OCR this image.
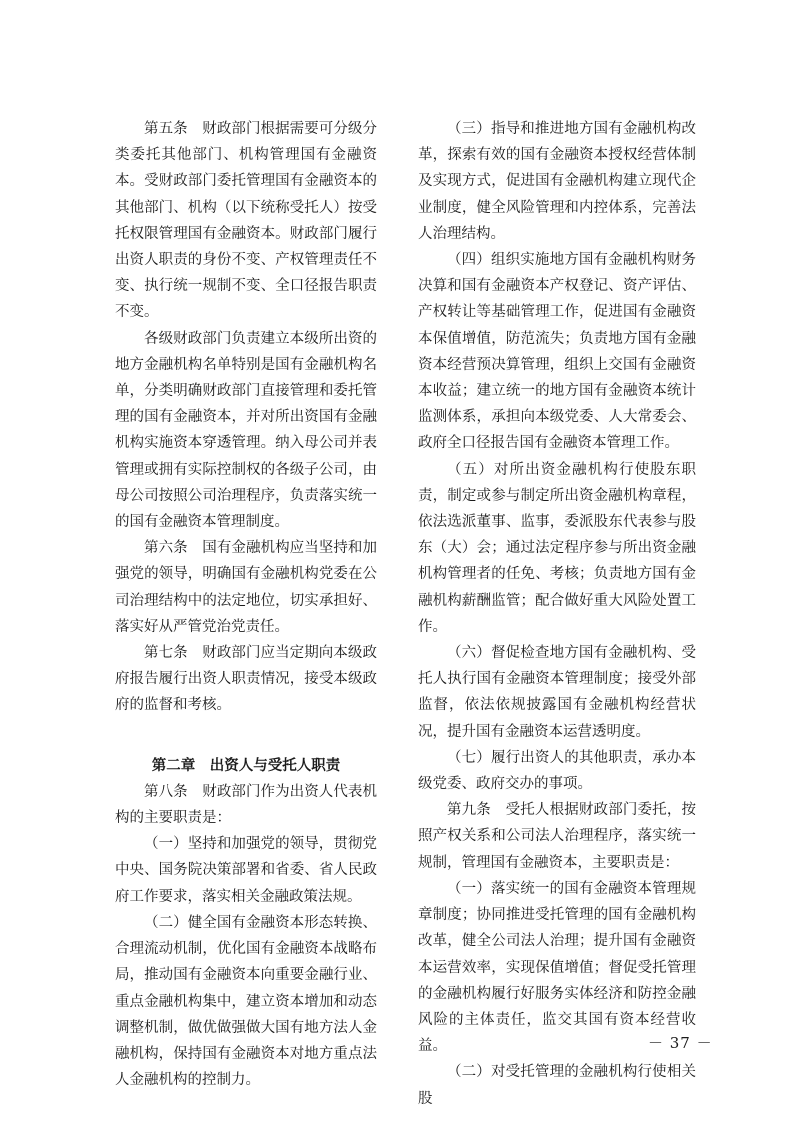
第五条　财政部门根据需要可分级分类委托其他部门、机构管理国有金融资本。受财政部门委托管理国有金融资本的其他部门、机构（以下统称受托人）按受托权限管理国有金融资本。财政部门履行出资人职责的身份不变、产权管理责任不变、执行统一规制不变、全口径报告职责不变。

各级财政部门负责建立本级所出资的地方金融机构名单特别是国有金融机构名单，分类明确财政部门直接管理和委托管理的国有金融资本，并对所出资国有金融机构实施资本穿透管理。纳入母公司并表管理或拥有实际控制权的各级子公司，由母公司按照公司治理程序，负责落实统一的国有金融资本管理制度。

第六条　国有金融机构应当坚持和加强党的领导，明确国有金融机构党委在公司治理结构中的法定地位，切实承担好、落实好从严管党治党责任。

第七条　财政部门应当定期向本级政府报告履行出资人职责情况，接受本级政府的监督和考核。

第二章　出资人与受托人职责

第八条　财政部门作为出资人代表机构的主要职责是：

（一）坚持和加强党的领导，贯彻党中央、国务院决策部署和省委、省人民政府工作要求，落实相关金融政策法规。

（二）健全国有金融资本形态转换、合理流动机制，优化国有金融资本战略布局，推动国有金融资本向重要金融行业、重点金融机构集中，建立资本增加和动态调整机制，做优做强做大国有地方法人金融机构，保持国有金融资本对地方重点法人金融机构的控制力。

（三）指导和推进地方国有金融机构改革，探索有效的国有金融资本授权经营体制及实现方式，促进国有金融机构建立现代企业制度，健全风险管理和内控体系，完善法人治理结构。

（四）组织实施地方国有金融机构财务决算和国有金融资本产权登记、资产评估、产权转让等基础管理工作，促进国有金融资本保值增值，防范流失；负责地方国有金融资本经营预决算管理，组织上交国有金融资本收益；建立统一的地方国有金融资本统计监测体系，承担向本级党委、人大常委会、政府全口径报告国有金融资本管理工作。

（五）对所出资金融机构行使股东职责，制定或参与制定所出资金融机构章程，依法选派董事、监事，委派股东代表参与股东（大）会；通过法定程序参与所出资金融机构管理者的任免、考核；负责地方国有金融机构薪酬监管；配合做好重大风险处置工作。

（六）督促检查地方国有金融机构、受托人执行国有金融资本管理制度；接受外部监督，依法依规披露国有金融机构经营状况，提升国有金融资本运营透明度。

（七）履行出资人的其他职责，承办本级党委、政府交办的事项。

第九条　受托人根据财政部门委托，按照产权关系和公司法人治理程序，落实统一规制，管理国有金融资本，主要职责是：

（一）落实统一的国有金融资本管理规章制度；协同推进受托管理的国有金融机构改革，健全公司法人治理；提升国有金融资本运营效率，实现保值增值；督促受托管理的金融机构履行好服务实体经济和防控金融风险的主体责任，监交其国有资本经营收益。

（二）对受托管理的金融机构行使相关股

－ 37 －
